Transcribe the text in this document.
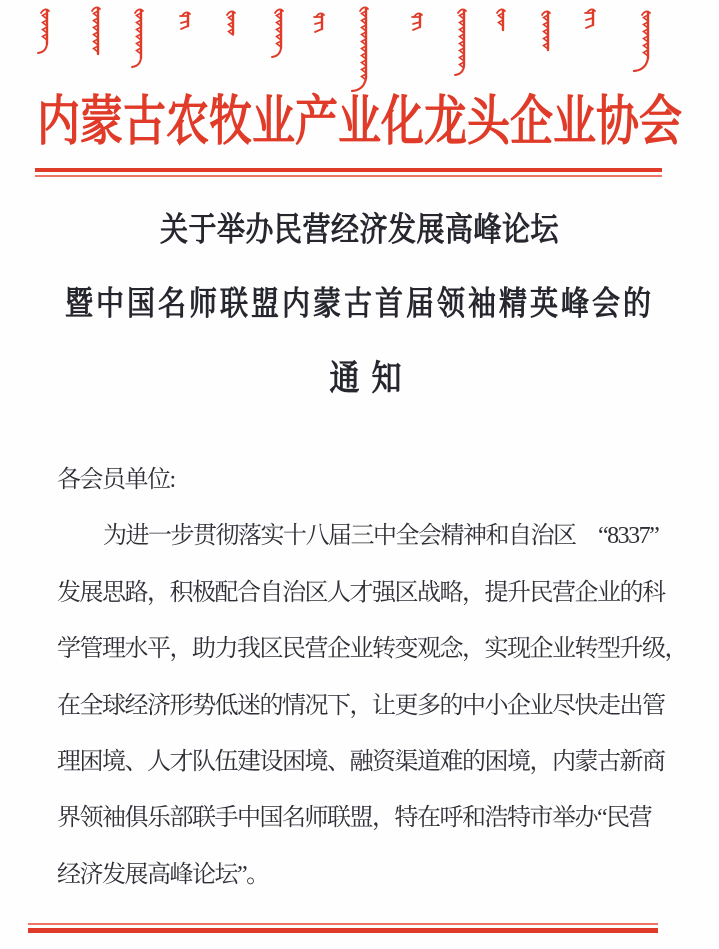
内蒙古农牧业产业化龙头企业协会
关于举办民营经济发展高峰论坛
暨中国名师联盟内蒙古首届领袖精英峰会的
通知
各会员单位:
为进一步贯彻落实十八届三中全会精神和自治区　“8337”
发展思路，积极配合自治区人才强区战略，提升民营企业的科
学管理水平，助力我区民营企业转变观念，实现企业转型升级，
在全球经济形势低迷的情况下，让更多的中小企业尽快走出管
理困境、人才队伍建设困境、融资渠道难的困境，内蒙古新商
界领袖俱乐部联手中国名师联盟，特在呼和浩特市举办“民营
经济发展高峰论坛”。
